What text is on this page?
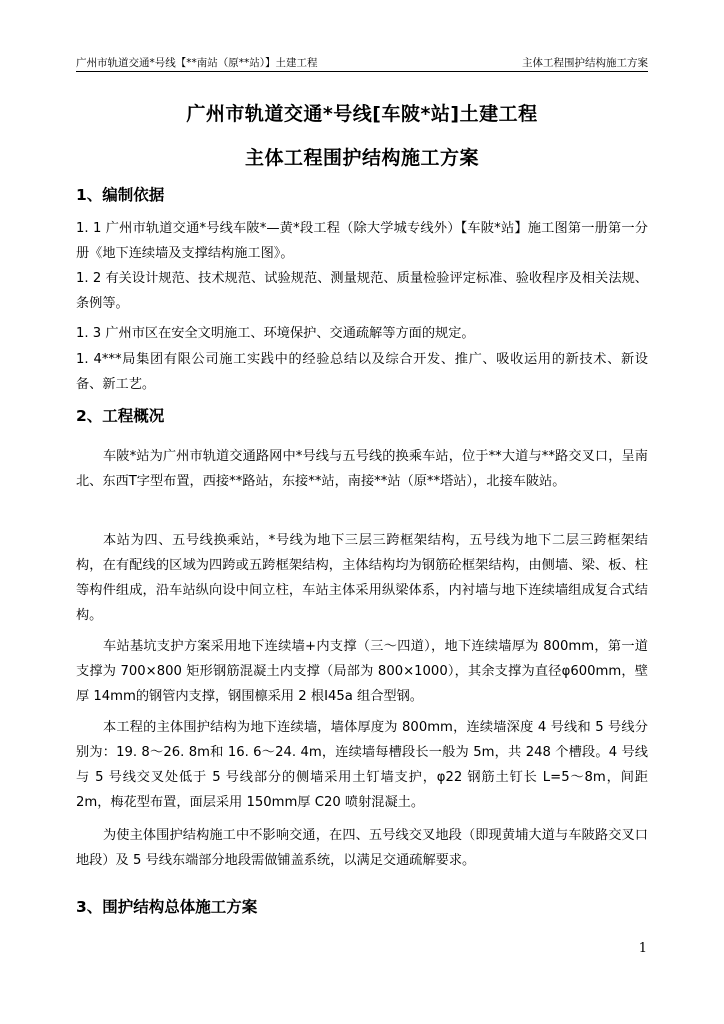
广州市轨道交通*号线【**南站（原**站）】土建工程	主体工程围护结构施工方案
广州市轨道交通*号线[车陂*站]土建工程
主体工程围护结构施工方案
1、编制依据

1. 1 广州市轨道交通*号线车陂*—黄*段工程（除大学城专线外）【车陂*站】施工图第一册第一分册《地下连续墙及支撑结构施工图》。

1. 2 有关设计规范、技术规范、试验规范、测量规范、质量检验评定标准、验收程序及相关法规、条例等。

1. 3 广州市区在安全文明施工、环境保护、交通疏解等方面的规定。

1. 4***局集团有限公司施工实践中的经验总结以及综合开发、推广、吸收运用的新技术、新设备、新工艺。

2、工程概况

车陂*站为广州市轨道交通路网中*号线与五号线的换乘车站，位于**大道与**路交叉口，呈南北、东西T字型布置，西接**路站，东接**站，南接**站（原**塔站），北接车陂站。

本站为四、五号线换乘站，*号线为地下三层三跨框架结构，五号线为地下二层三跨框架结构，在有配线的区域为四跨或五跨框架结构，主体结构均为钢筋砼框架结构，由侧墙、梁、板、柱等构件组成，沿车站纵向设中间立柱，车站主体采用纵梁体系，内衬墙与地下连续墙组成复合式结构。

车站基坑支护方案采用地下连续墙+内支撑（三～四道），地下连续墙厚为 800mm，第一道支撑为 700×800 矩形钢筋混凝土内支撑（局部为 800×1000），其余支撑为直径φ600mm，壁厚 14mm的钢管内支撑，钢围檩采用 2 根Ⅰ45a 组合型钢。

本工程的主体围护结构为地下连续墙，墙体厚度为 800mm，连续墙深度 4 号线和 5 号线分别为：19. 8～26. 8m和 16. 6～24. 4m，连续墙每槽段长一般为 5m，共 248 个槽段。4 号线与 5 号线交叉处低于 5 号线部分的侧墙采用土钉墙支护，φ22 钢筋土钉长 L=5～8m，间距 2m，梅花型布置，面层采用 150mm厚 C20 喷射混凝土。

为使主体围护结构施工中不影响交通，在四、五号线交叉地段（即现黄埔大道与车陂路交叉口地段）及 5 号线东端部分地段需做铺盖系统，以满足交通疏解要求。

3、围护结构总体施工方案
1
